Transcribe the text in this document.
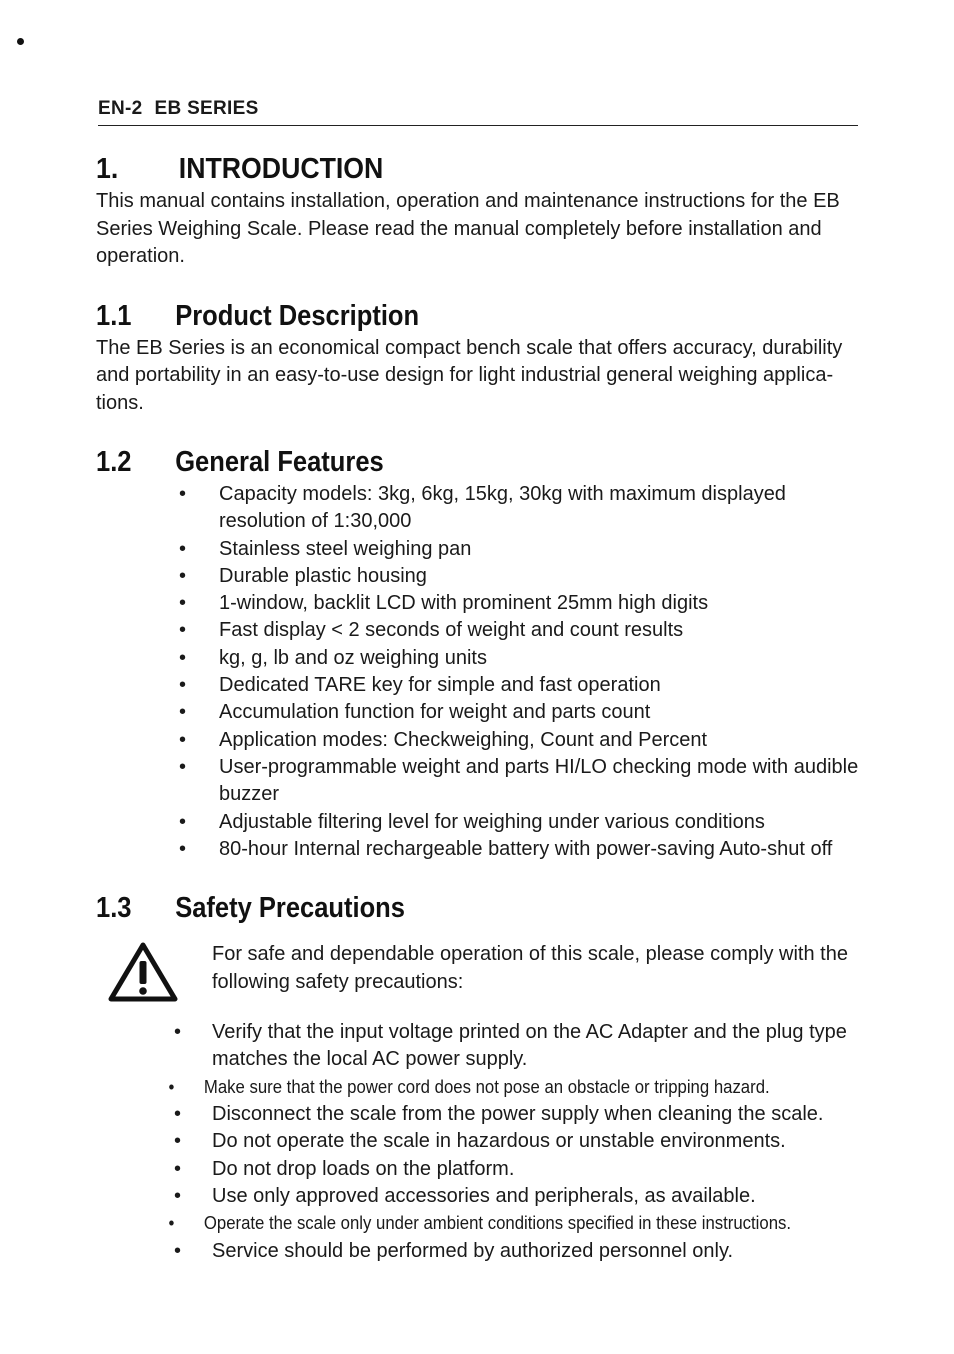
EN-2 EB SERIES
1. INTRODUCTION

This manual contains installation, operation and maintenance instructions for the EB Series Weighing Scale. Please read the manual completely before installation and operation.

1.1 Product Description

The EB Series is an economical compact bench scale that offers accuracy, durability and portability in an easy-to-use design for light industrial general weighing applica-tions.

1.2 General Features
• Capacity models: 3kg, 6kg, 15kg, 30kg with maximum displayed resolution of 1:30,000
• Stainless steel weighing pan
• Durable plastic housing
• 1-window, backlit LCD with prominent 25mm high digits
• Fast display < 2 seconds of weight and count results
• kg, g, lb and oz weighing units
• Dedicated TARE key for simple and fast operation
• Accumulation function for weight and parts count
• Application modes: Checkweighing, Count and Percent
• User-programmable weight and parts HI/LO checking mode with audible buzzer
• Adjustable filtering level for weighing under various conditions
• 80-hour Internal rechargeable battery with power-saving Auto-shut off
1.3 Safety Precautions

For safe and dependable operation of this scale, please comply with the following safety precautions:

• Verify that the input voltage printed on the AC Adapter and the plug type matches the local AC power supply.
• Make sure that the power cord does not pose an obstacle or tripping hazard.
• Disconnect the scale from the power supply when cleaning the scale.
• Do not operate the scale in hazardous or unstable environments.
• Do not drop loads on the platform.
• Use only approved accessories and peripherals, as available.
• Operate the scale only under ambient conditions specified in these instructions.
• Service should be performed by authorized personnel only.
